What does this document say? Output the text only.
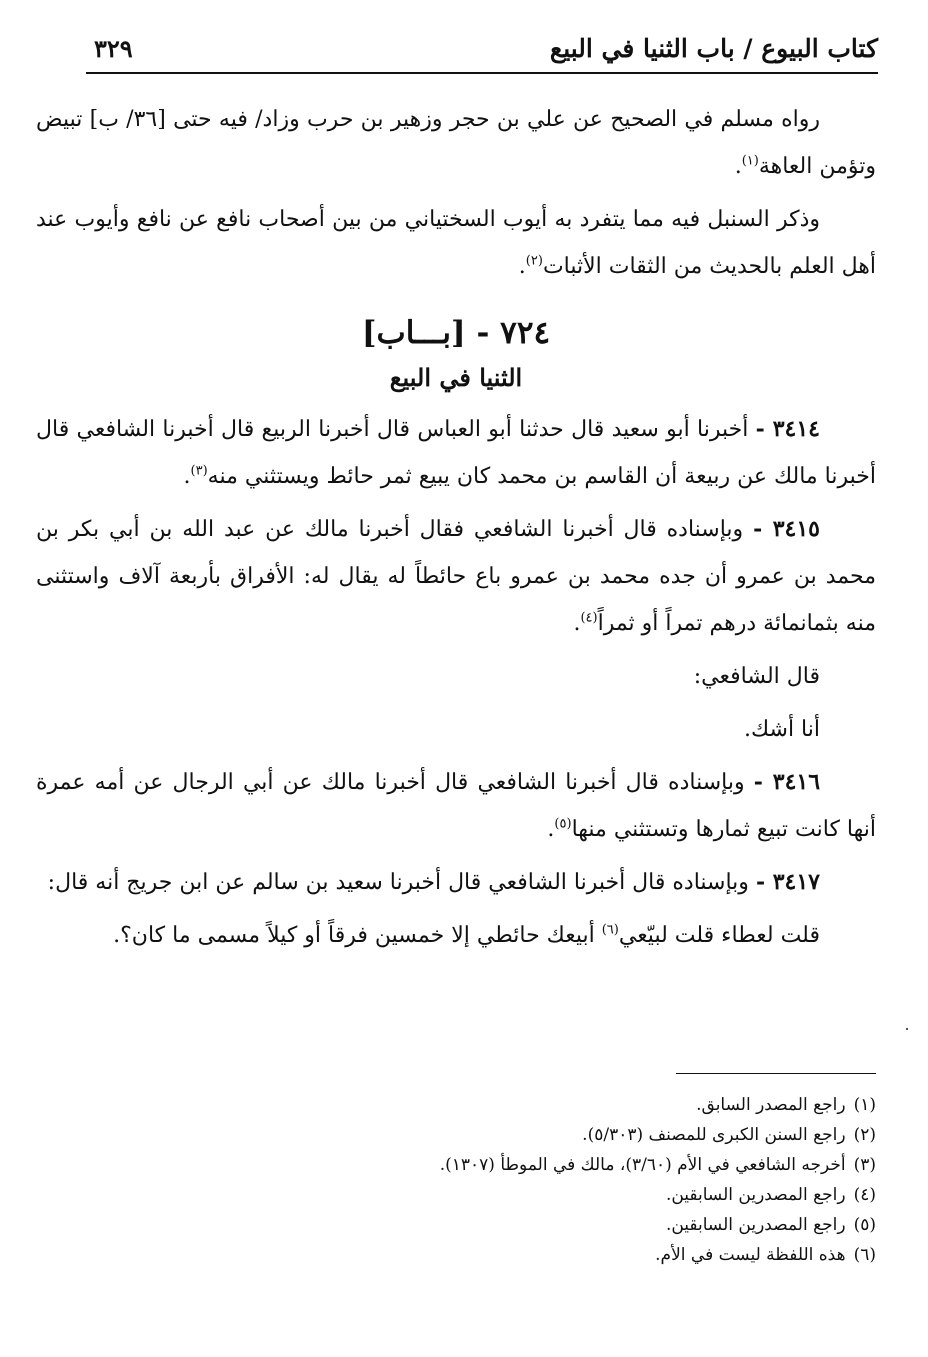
كتاب البيوع / باب الثنيا في البيع
٣٢٩

رواه مسلم في الصحيح عن علي بن حجر وزهير بن حرب وزاد/ فيه حتى [٣٦/ ب] تبيض وتؤمن العاهة$^{(١)}$.

وذكر السنبل فيه مما يتفرد به أيوب السختياني من بين أصحاب نافع عن نافع وأيوب عند أهل العلم بالحديث من الثقات الأثبات$^{(٢)}$.

٧٢٤ - [بـــاب]
الثنيا في البيع

٣٤١٤ - أخبرنا أبو سعيد قال حدثنا أبو العباس قال أخبرنا الربيع قال أخبرنا الشافعي قال أخبرنا مالك عن ربيعة أن القاسم بن محمد كان يبيع ثمر حائط ويستثني منه$^{(٣)}$.

٣٤١٥ - وبإسناده قال أخبرنا الشافعي فقال أخبرنا مالك عن عبد الله بن أبي بكر بن محمد بن عمرو أن جده محمد بن عمرو باع حائطاً له يقال له: الأفراق بأربعة آلاف واستثنى منه بثمانمائة درهم تمراً أو ثمراً$^{(٤)}$.

قال الشافعي:

أنا أشك.

٣٤١٦ - وبإسناده قال أخبرنا الشافعي قال أخبرنا مالك عن أبي الرجال عن أمه عمرة أنها كانت تبيع ثمارها وتستثني منها$^{(٥)}$.

٣٤١٧ - وبإسناده قال أخبرنا الشافعي قال أخبرنا سعيد بن سالم عن ابن جريج أنه قال:

قلت لعطاء قلت لبيّعي$^{(٦)}$ أبيعك حائطي إلا خمسين فرقاً أو كيلاً مسمى ما كان؟.

(١)راجع المصدر السابق.
(٢)راجع السنن الكبرى للمصنف (٥/٣٠٣).
(٣)أخرجه الشافعي في الأم (٣/٦٠)، مالك في الموطأ (١٣٠٧).
(٤)راجع المصدرين السابقين.
(٥)راجع المصدرين السابقين.
(٦)هذه اللفظة ليست في الأم.
